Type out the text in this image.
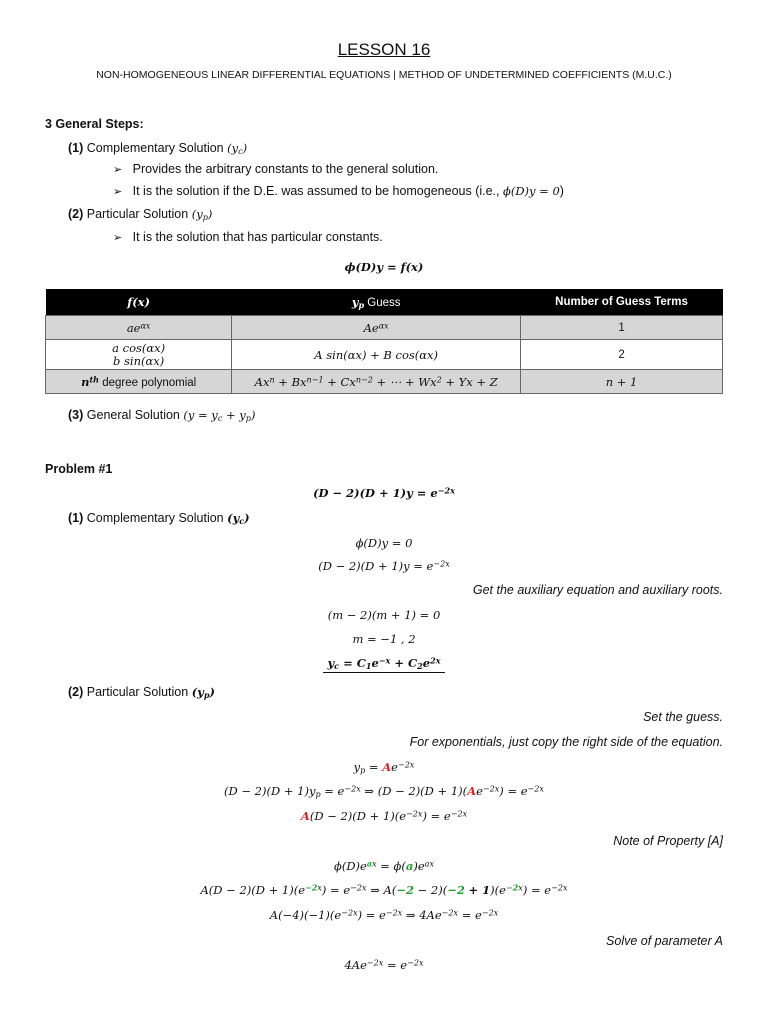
LESSON 16
NON-HOMOGENEOUS LINEAR DIFFERENTIAL EQUATIONS | METHOD OF UNDETERMINED COEFFICIENTS (M.U.C.)
3 General Steps:
(1) Complementary Solution $(y_c)$
➢ Provides the arbitrary constants to the general solution.
➢ It is the solution if the D.E. was assumed to be homogeneous (i.e., ϕ(D)y = 0)
(2) Particular Solution $(y_p)$
➢ It is the solution that has particular constants.
ϕ(D)y = f(x)
f(x)	$y_p$ Guess	Number of Guess Terms
$ae^{\alpha x}$	$Ae^{\alpha x}$	1
a cos(αx)
b sin(αx)	A sin(αx) + B cos(αx)	2
$n^{th}$ degree polynomial	$Ax^n + Bx^{n-1} + Cx^{n-2}$ + ⋯ + $Wx^2 + Yx + Z$	n + 1
(3) General Solution $(y = y_c + y_p)$
Problem #1
$(D - 2)(D + 1)y = e^{-2x}$
(1) Complementary Solution $(y_c)$
ϕ(D)y = 0
$(D - 2)(D + 1)y = e^{-2x}$
Get the auxiliary equation and auxiliary roots.
(m − 2)(m + 1) = 0
m = −1 , 2
$y_c = C_1e^{-x} + C_2e^{2x}$
(2) Particular Solution $(y_p)$
Set the guess.
For exponentials, just copy the right side of the equation.
$y_p = Ae^{-2x}$
$(D - 2)(D + 1)y_p = e^{-2x}$ ⇒ $(D - 2)(D + 1)(Ae^{-2x}) = e^{-2x}$
$A(D - 2)(D + 1)(e^{-2x}) = e^{-2x}$
Note of Property [A]
$\phi(D)e^{ax} = \phi(a)e^{ax}$
$A(D - 2)(D + 1)(e^{-2x}) = e^{-2x}$ ⇒ $A(-2 - 2)(-2 + 1)(e^{-2x}) = e^{-2x}$
$A(-4)(-1)(e^{-2x}) = e^{-2x}$ ⇒ $4Ae^{-2x} = e^{-2x}$
Solve of parameter A
$4Ae^{-2x} = e^{-2x}$
